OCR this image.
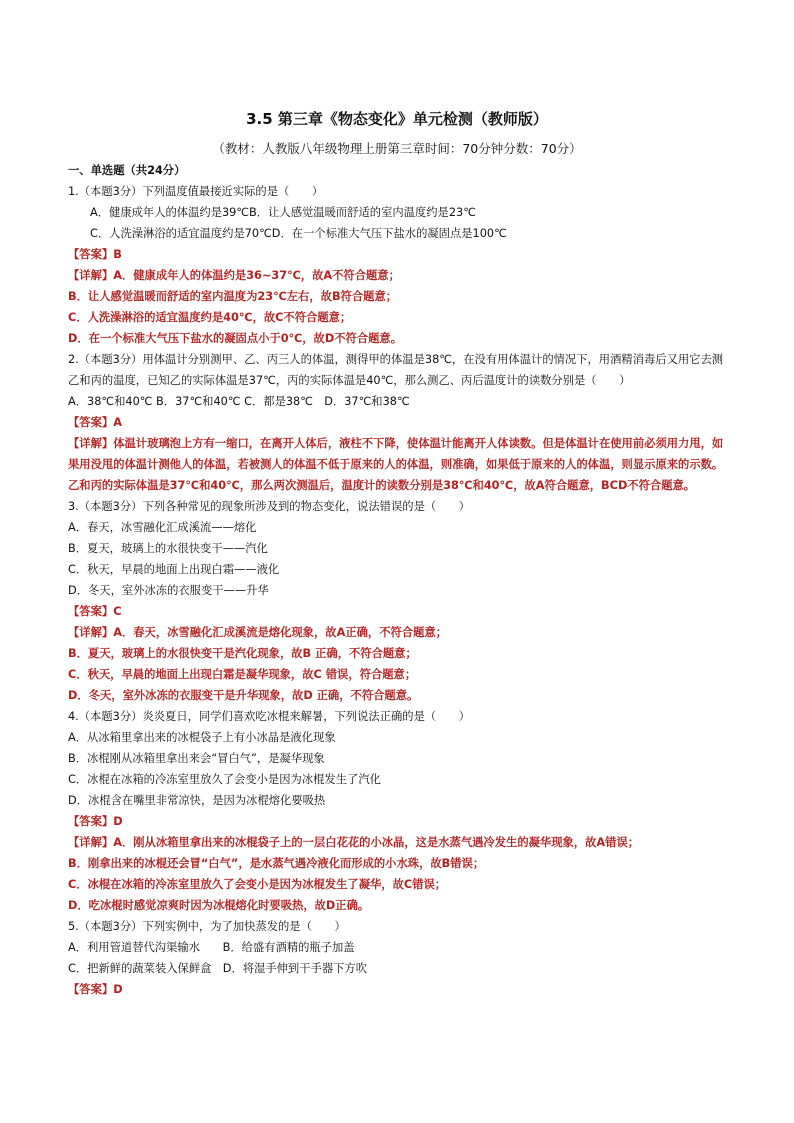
3.5 第三章《物态变化》单元检测（教师版）
（教材：人教版八年级物理上册第三章时间：70分钟分数：70分）
一、单选题（共24分）
1.（本题3分）下列温度值最接近实际的是（　　）
A．健康成年人的体温约是39℃B．让人感觉温暖而舒适的室内温度约是23℃
C．人洗澡淋浴的适宜温度约是70℃D．在一个标准大气压下盐水的凝固点是100℃
【答案】B
【详解】A．健康成年人的体温约是36~37℃，故A不符合题意；
B．让人感觉温暖而舒适的室内温度为23℃左右，故B符合题意；
C．人洗澡淋浴的适宜温度约是40℃，故C不符合题意；
D．在一个标准大气压下盐水的凝固点小于0℃，故D不符合题意。
2.（本题3分）用体温计分别测甲、乙、丙三人的体温，测得甲的体温是38℃，在没有用体温计的情况下，用酒精消毒后又用它去测乙和丙的温度，已知乙的实际体温是37℃，丙的实际体温是40℃，那么测乙、丙后温度计的读数分别是（　　）
A．38℃和40℃ B．37℃和40℃ C．都是38℃　D．37℃和38℃
【答案】A
【详解】体温计玻璃泡上方有一缩口，在离开人体后，液柱不下降，使体温计能离开人体读数。但是体温计在使用前必须用力甩，如果用没甩的体温计测他人的体温，若被测人的体温不低于原来的人的体温，则准确，如果低于原来的人的体温，则显示原来的示数。乙和丙的实际体温是37℃和40℃，那么两次测温后，温度计的读数分别是38℃和40℃，故A符合题意，BCD不符合题意。
3.（本题3分）下列各种常见的现象所涉及到的物态变化，说法错误的是（　　）
A．春天，冰雪融化汇成溪流——熔化
B．夏天，玻璃上的水很快变干——汽化
C．秋天，早晨的地面上出现白霜——液化
D．冬天，室外冰冻的衣服变干——升华
【答案】C
【详解】A．春天，冰雪融化汇成溪流是熔化现象，故A正确，不符合题意；
B．夏天，玻璃上的水很快变干是汽化现象，故B 正确，不符合题意；
C．秋天，早晨的地面上出现白霜是凝华现象，故C 错误，符合题意；
D．冬天，室外冰冻的衣服变干是升华现象，故D 正确，不符合题意。
4.（本题3分）炎炎夏日，同学们喜欢吃冰棍来解暑，下列说法正确的是（　　）
A．从冰箱里拿出来的冰棍袋子上有小冰晶是液化现象
B．冰棍刚从冰箱里拿出来会“冒白气”，是凝华现象
C．冰棍在冰箱的冷冻室里放久了会变小是因为冰棍发生了汽化
D．冰棍含在嘴里非常凉快，是因为冰棍熔化要吸热
【答案】D
【详解】A．刚从冰箱里拿出来的冰棍袋子上的一层白花花的小冰晶，这是水蒸气遇冷发生的凝华现象，故A错误；
B．刚拿出来的冰棍还会冒“白气”，是水蒸气遇冷液化而形成的小水珠，故B错误；
C．冰棍在冰箱的冷冻室里放久了会变小是因为冰棍发生了凝华，故C错误；
D．吃冰棍时感觉凉爽时因为冰棍熔化时要吸热，故D正确。
5.（本题3分）下列实例中，为了加快蒸发的是（　　）
A．利用管道替代沟渠输水　　B．给盛有酒精的瓶子加盖
C．把新鲜的蔬菜装入保鲜盒　D．将湿手伸到干手器下方吹
【答案】D
